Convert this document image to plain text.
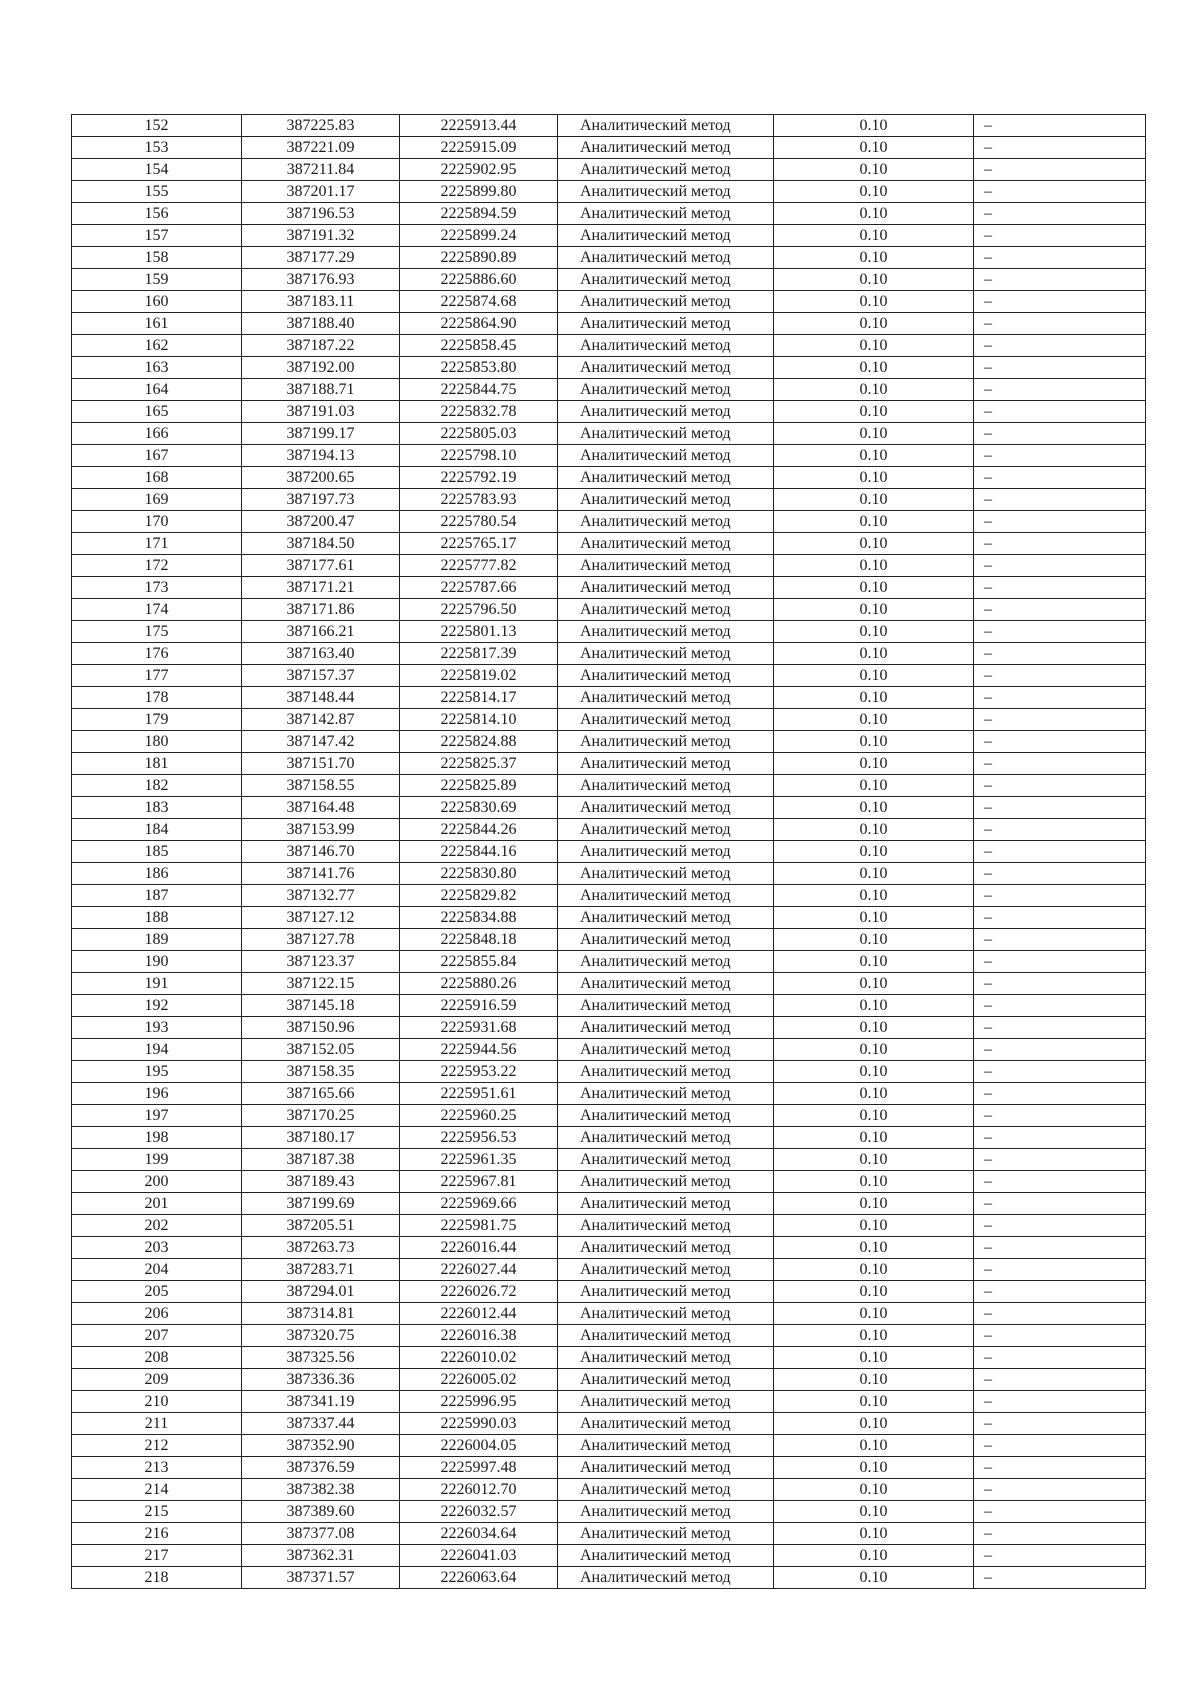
152	387225.83	2225913.44	Аналитический метод	0.10	–
153	387221.09	2225915.09	Аналитический метод	0.10	–
154	387211.84	2225902.95	Аналитический метод	0.10	–
155	387201.17	2225899.80	Аналитический метод	0.10	–
156	387196.53	2225894.59	Аналитический метод	0.10	–
157	387191.32	2225899.24	Аналитический метод	0.10	–
158	387177.29	2225890.89	Аналитический метод	0.10	–
159	387176.93	2225886.60	Аналитический метод	0.10	–
160	387183.11	2225874.68	Аналитический метод	0.10	–
161	387188.40	2225864.90	Аналитический метод	0.10	–
162	387187.22	2225858.45	Аналитический метод	0.10	–
163	387192.00	2225853.80	Аналитический метод	0.10	–
164	387188.71	2225844.75	Аналитический метод	0.10	–
165	387191.03	2225832.78	Аналитический метод	0.10	–
166	387199.17	2225805.03	Аналитический метод	0.10	–
167	387194.13	2225798.10	Аналитический метод	0.10	–
168	387200.65	2225792.19	Аналитический метод	0.10	–
169	387197.73	2225783.93	Аналитический метод	0.10	–
170	387200.47	2225780.54	Аналитический метод	0.10	–
171	387184.50	2225765.17	Аналитический метод	0.10	–
172	387177.61	2225777.82	Аналитический метод	0.10	–
173	387171.21	2225787.66	Аналитический метод	0.10	–
174	387171.86	2225796.50	Аналитический метод	0.10	–
175	387166.21	2225801.13	Аналитический метод	0.10	–
176	387163.40	2225817.39	Аналитический метод	0.10	–
177	387157.37	2225819.02	Аналитический метод	0.10	–
178	387148.44	2225814.17	Аналитический метод	0.10	–
179	387142.87	2225814.10	Аналитический метод	0.10	–
180	387147.42	2225824.88	Аналитический метод	0.10	–
181	387151.70	2225825.37	Аналитический метод	0.10	–
182	387158.55	2225825.89	Аналитический метод	0.10	–
183	387164.48	2225830.69	Аналитический метод	0.10	–
184	387153.99	2225844.26	Аналитический метод	0.10	–
185	387146.70	2225844.16	Аналитический метод	0.10	–
186	387141.76	2225830.80	Аналитический метод	0.10	–
187	387132.77	2225829.82	Аналитический метод	0.10	–
188	387127.12	2225834.88	Аналитический метод	0.10	–
189	387127.78	2225848.18	Аналитический метод	0.10	–
190	387123.37	2225855.84	Аналитический метод	0.10	–
191	387122.15	2225880.26	Аналитический метод	0.10	–
192	387145.18	2225916.59	Аналитический метод	0.10	–
193	387150.96	2225931.68	Аналитический метод	0.10	–
194	387152.05	2225944.56	Аналитический метод	0.10	–
195	387158.35	2225953.22	Аналитический метод	0.10	–
196	387165.66	2225951.61	Аналитический метод	0.10	–
197	387170.25	2225960.25	Аналитический метод	0.10	–
198	387180.17	2225956.53	Аналитический метод	0.10	–
199	387187.38	2225961.35	Аналитический метод	0.10	–
200	387189.43	2225967.81	Аналитический метод	0.10	–
201	387199.69	2225969.66	Аналитический метод	0.10	–
202	387205.51	2225981.75	Аналитический метод	0.10	–
203	387263.73	2226016.44	Аналитический метод	0.10	–
204	387283.71	2226027.44	Аналитический метод	0.10	–
205	387294.01	2226026.72	Аналитический метод	0.10	–
206	387314.81	2226012.44	Аналитический метод	0.10	–
207	387320.75	2226016.38	Аналитический метод	0.10	–
208	387325.56	2226010.02	Аналитический метод	0.10	–
209	387336.36	2226005.02	Аналитический метод	0.10	–
210	387341.19	2225996.95	Аналитический метод	0.10	–
211	387337.44	2225990.03	Аналитический метод	0.10	–
212	387352.90	2226004.05	Аналитический метод	0.10	–
213	387376.59	2225997.48	Аналитический метод	0.10	–
214	387382.38	2226012.70	Аналитический метод	0.10	–
215	387389.60	2226032.57	Аналитический метод	0.10	–
216	387377.08	2226034.64	Аналитический метод	0.10	–
217	387362.31	2226041.03	Аналитический метод	0.10	–
218	387371.57	2226063.64	Аналитический метод	0.10	–
